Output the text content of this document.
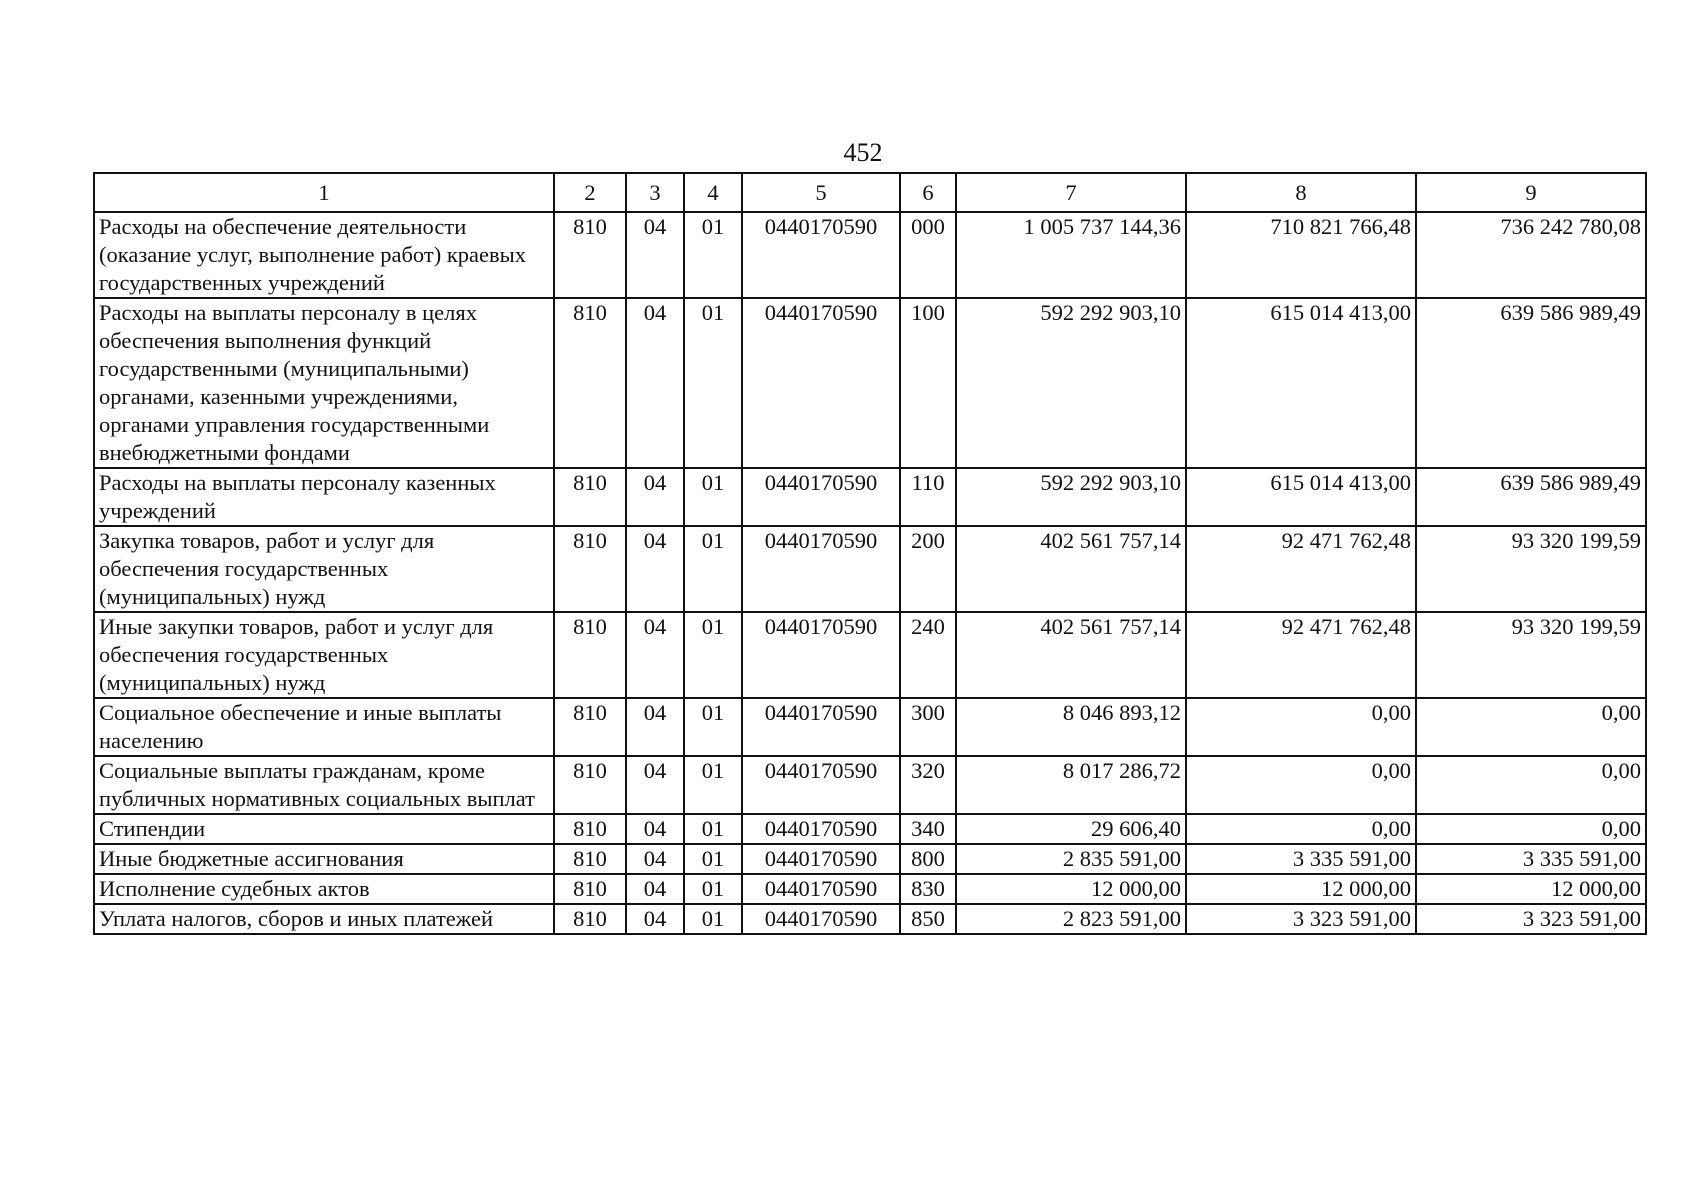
452
1	2	3	4	5	6	7	8	9
Расходы на обеспечение деятельности (оказание услуг, выполнение работ) краевых государственных учреждений	810	04	01	0440170590	000	1 005 737 144,36	710 821 766,48	736 242 780,08
Расходы на выплаты персоналу в целях обеспечения выполнения функций государственными (муниципальными) органами, казенными учреждениями, органами управления государственными внебюджетными фондами	810	04	01	0440170590	100	592 292 903,10	615 014 413,00	639 586 989,49
Расходы на выплаты персоналу казенных учреждений	810	04	01	0440170590	110	592 292 903,10	615 014 413,00	639 586 989,49
Закупка товаров, работ и услуг для обеспечения государственных (муниципальных) нужд	810	04	01	0440170590	200	402 561 757,14	92 471 762,48	93 320 199,59
Иные закупки товаров, работ и услуг для обеспечения государственных (муниципальных) нужд	810	04	01	0440170590	240	402 561 757,14	92 471 762,48	93 320 199,59
Социальное обеспечение и иные выплаты населению	810	04	01	0440170590	300	8 046 893,12	0,00	0,00
Социальные выплаты гражданам, кроме публичных нормативных социальных выплат	810	04	01	0440170590	320	8 017 286,72	0,00	0,00
Стипендии	810	04	01	0440170590	340	29 606,40	0,00	0,00
Иные бюджетные ассигнования	810	04	01	0440170590	800	2 835 591,00	3 335 591,00	3 335 591,00
Исполнение судебных актов	810	04	01	0440170590	830	12 000,00	12 000,00	12 000,00
Уплата налогов, сборов и иных платежей	810	04	01	0440170590	850	2 823 591,00	3 323 591,00	3 323 591,00
